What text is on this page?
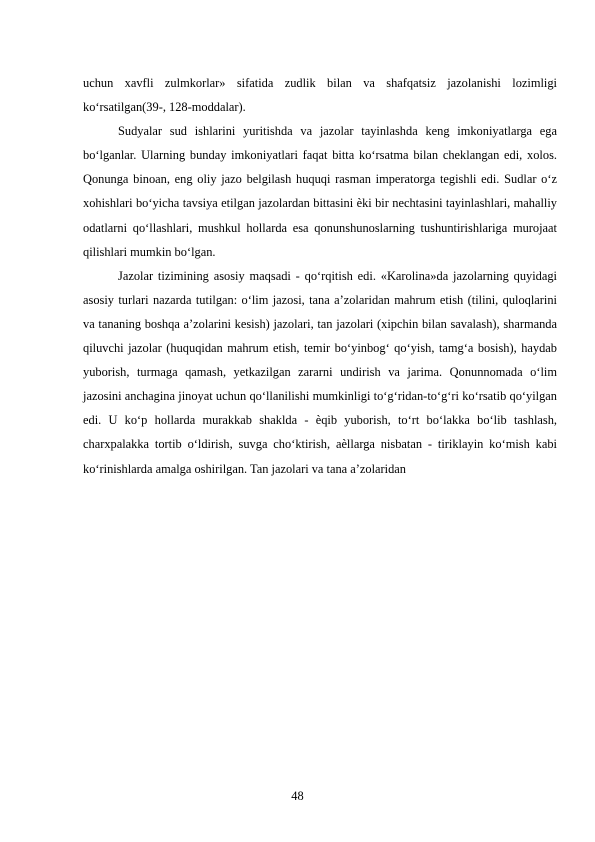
uchun xavfli zulmkorlar» sifatida zudlik bilan va shafqatsiz jazolanishi lozimligi ko‘rsatilgan(39-, 128-moddalar).

Sudyalar sud ishlarini yuritishda va jazolar tayinlashda keng imkoniyatlarga ega bo‘lganlar. Ularning bunday imkoniyatlari faqat bitta ko‘rsatma bilan cheklangan edi, xolos. Qonunga binoan, eng oliy jazo belgilash huquqi rasman imperatorga tegishli edi. Sudlar o‘z xohishlari bo‘yicha tavsiya etilgan jazolardan bittasini ѐki bir nechtasini tayinlashlari, mahalliy odatlarni qo‘llashlari, mushkul hollarda esa qonunshunoslarning tushuntirishlariga murojaat qilishlari mumkin bo‘lgan.

Jazolar tizimining asosiy maqsadi - qo‘rqitish edi. «Karolina»da jazolarning quyidagi asosiy turlari nazarda tutilgan: o‘lim jazosi, tana a’zolaridan mahrum etish (tilini, quloqlarini va tananing boshqa a’zolarini kesish) jazolari, tan jazolari (xipchin bilan savalash), sharmanda qiluvchi jazolar (huquqidan mahrum etish, temir bo‘yinbog‘ qo‘yish, tamg‘a bosish), haydab yuborish, turmaga qamash, yetkazilgan zararni undirish va jarima. Qonunnomada o‘lim jazosini anchagina jinoyat uchun qo‘llanilishi mumkinligi to‘g‘ridan-to‘g‘ri ko‘rsatib qo‘yilgan edi. U ko‘p hollarda murakkab shaklda - ѐqib yuborish, to‘rt bo‘lakka bo‘lib tashlash, charxpalakka tortib o‘ldirish, suvga cho‘ktirish, aѐllarga nisbatan - tiriklayin ko‘mish kabi ko‘rinishlarda amalga oshirilgan. Tan jazolari va tana a’zolaridan

48
